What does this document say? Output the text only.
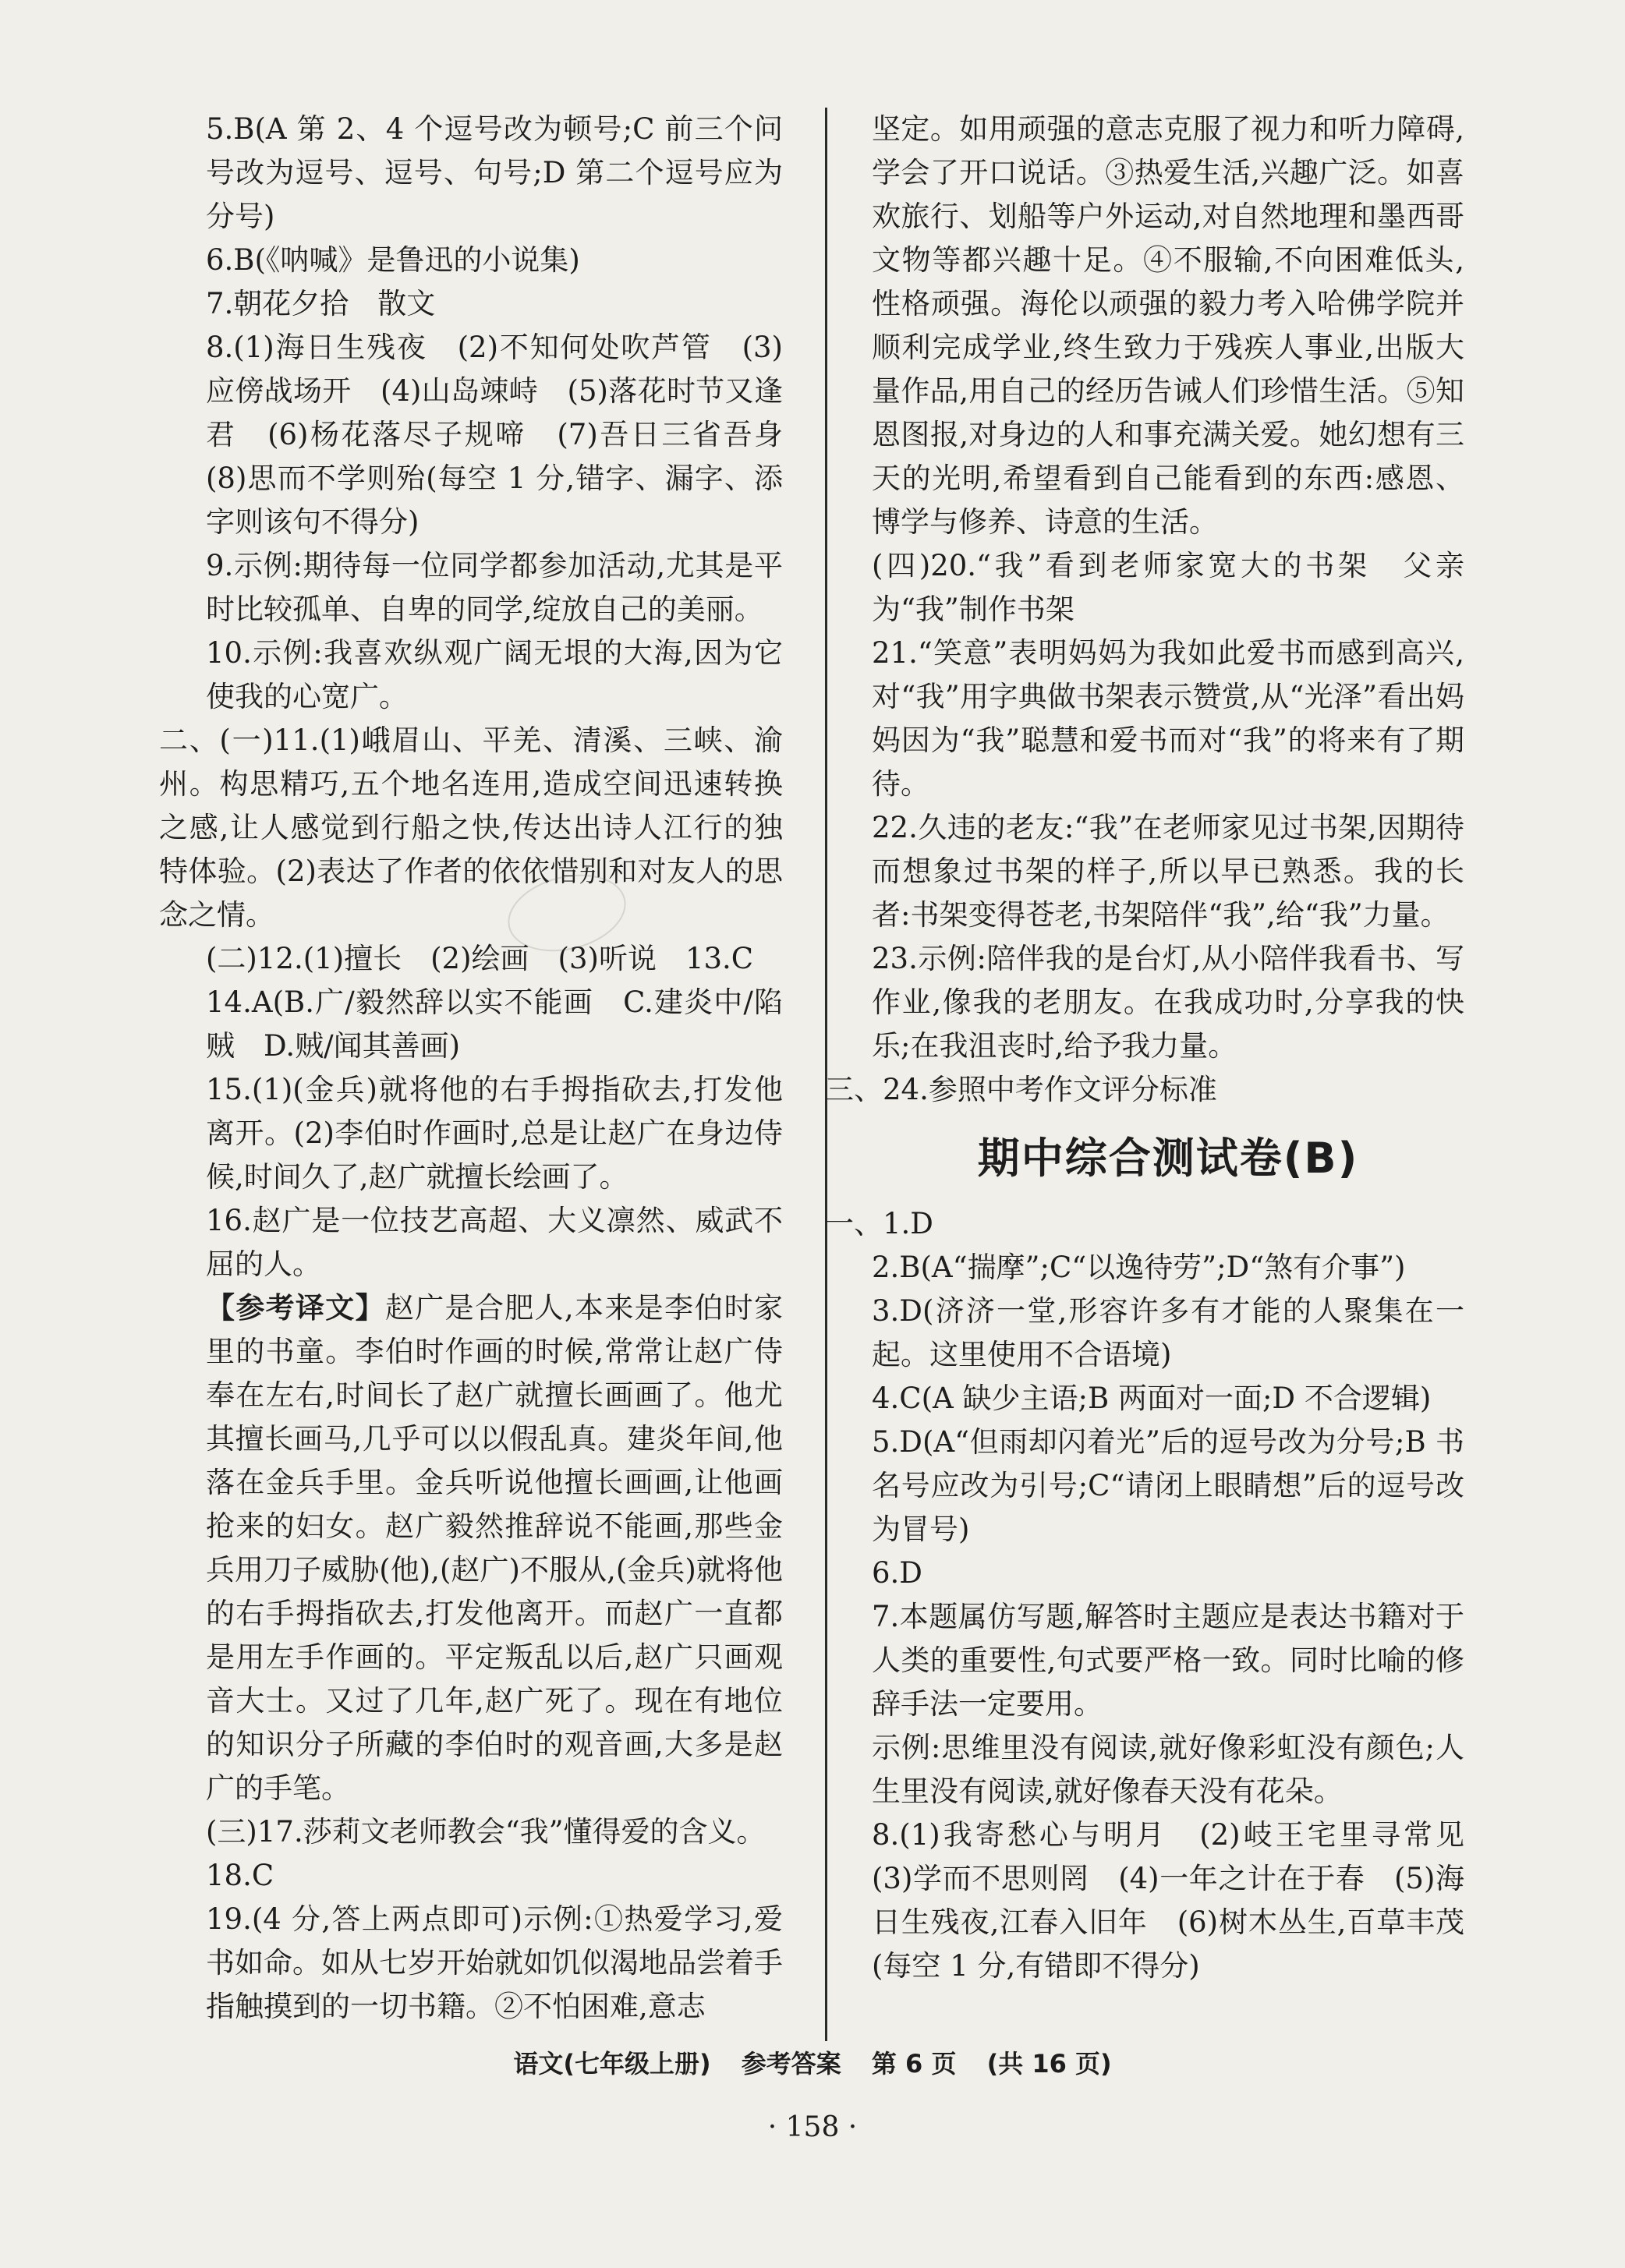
5.B(A 第 2、4 个逗号改为顿号;C 前三个问号改为逗号、逗号、句号;D 第二个逗号应为分号)

6.B(《呐喊》是鲁迅的小说集)

7.朝花夕拾　散文

8.(1)海日生残夜　(2)不知何处吹芦管　(3)应傍战场开　(4)山岛竦峙　(5)落花时节又逢君　(6)杨花落尽子规啼　(7)吾日三省吾身　(8)思而不学则殆(每空 1 分,错字、漏字、添字则该句不得分)

9.示例:期待每一位同学都参加活动,尤其是平时比较孤单、自卑的同学,绽放自己的美丽。

10.示例:我喜欢纵观广阔无垠的大海,因为它使我的心宽广。

二、(一)11.(1)峨眉山、平羌、清溪、三峡、渝州。构思精巧,五个地名连用,造成空间迅速转换之感,让人感觉到行船之快,传达出诗人江行的独特体验。(2)表达了作者的依依惜别和对友人的思念之情。

(二)12.(1)擅长　(2)绘画　(3)听说　13.C

14.A(B.广/毅然辞以实不能画　C.建炎中/陷贼　D.贼/闻其善画)

15.(1)(金兵)就将他的右手拇指砍去,打发他离开。(2)李伯时作画时,总是让赵广在身边侍候,时间久了,赵广就擅长绘画了。

16.赵广是一位技艺高超、大义凛然、威武不屈的人。

【参考译文】赵广是合肥人,本来是李伯时家里的书童。李伯时作画的时候,常常让赵广侍奉在左右,时间长了赵广就擅长画画了。他尤其擅长画马,几乎可以以假乱真。建炎年间,他落在金兵手里。金兵听说他擅长画画,让他画抢来的妇女。赵广毅然推辞说不能画,那些金兵用刀子威胁(他),(赵广)不服从,(金兵)就将他的右手拇指砍去,打发他离开。而赵广一直都是用左手作画的。平定叛乱以后,赵广只画观音大士。又过了几年,赵广死了。现在有地位的知识分子所藏的李伯时的观音画,大多是赵广的手笔。

(三)17.莎莉文老师教会“我”懂得爱的含义。

18.C

19.(4 分,答上两点即可)示例:①热爱学习,爱书如命。如从七岁开始就如饥似渴地品尝着手指触摸到的一切书籍。②不怕困难,意志

坚定。如用顽强的意志克服了视力和听力障碍,学会了开口说话。③热爱生活,兴趣广泛。如喜欢旅行、划船等户外运动,对自然地理和墨西哥文物等都兴趣十足。④不服输,不向困难低头,性格顽强。海伦以顽强的毅力考入哈佛学院并顺利完成学业,终生致力于残疾人事业,出版大量作品,用自己的经历告诫人们珍惜生活。⑤知恩图报,对身边的人和事充满关爱。她幻想有三天的光明,希望看到自己能看到的东西:感恩、博学与修养、诗意的生活。

(四)20.“我”看到老师家宽大的书架　父亲为“我”制作书架

21.“笑意”表明妈妈为我如此爱书而感到高兴,对“我”用字典做书架表示赞赏,从“光泽”看出妈妈因为“我”聪慧和爱书而对“我”的将来有了期待。

22.久违的老友:“我”在老师家见过书架,因期待而想象过书架的样子,所以早已熟悉。我的长者:书架变得苍老,书架陪伴“我”,给“我”力量。

23.示例:陪伴我的是台灯,从小陪伴我看书、写作业,像我的老朋友。在我成功时,分享我的快乐;在我沮丧时,给予我力量。

三、24.参照中考作文评分标准

期中综合测试卷(B)

一、1.D

2.B(A“揣摩”;C“以逸待劳”;D“煞有介事”)

3.D(济济一堂,形容许多有才能的人聚集在一起。这里使用不合语境)

4.C(A 缺少主语;B 两面对一面;D 不合逻辑)

5.D(A“但雨却闪着光”后的逗号改为分号;B 书名号应改为引号;C“请闭上眼睛想”后的逗号改为冒号)

6.D

7.本题属仿写题,解答时主题应是表达书籍对于人类的重要性,句式要严格一致。同时比喻的修辞手法一定要用。

示例:思维里没有阅读,就好像彩虹没有颜色;人生里没有阅读,就好像春天没有花朵。

8.(1)我寄愁心与明月　(2)岐王宅里寻常见　(3)学而不思则罔　(4)一年之计在于春　(5)海日生残夜,江春入旧年　(6)树木丛生,百草丰茂(每空 1 分,有错即不得分)

语文(七年级上册) 参考答案 第 6 页 (共 16 页)
· 158 ·
